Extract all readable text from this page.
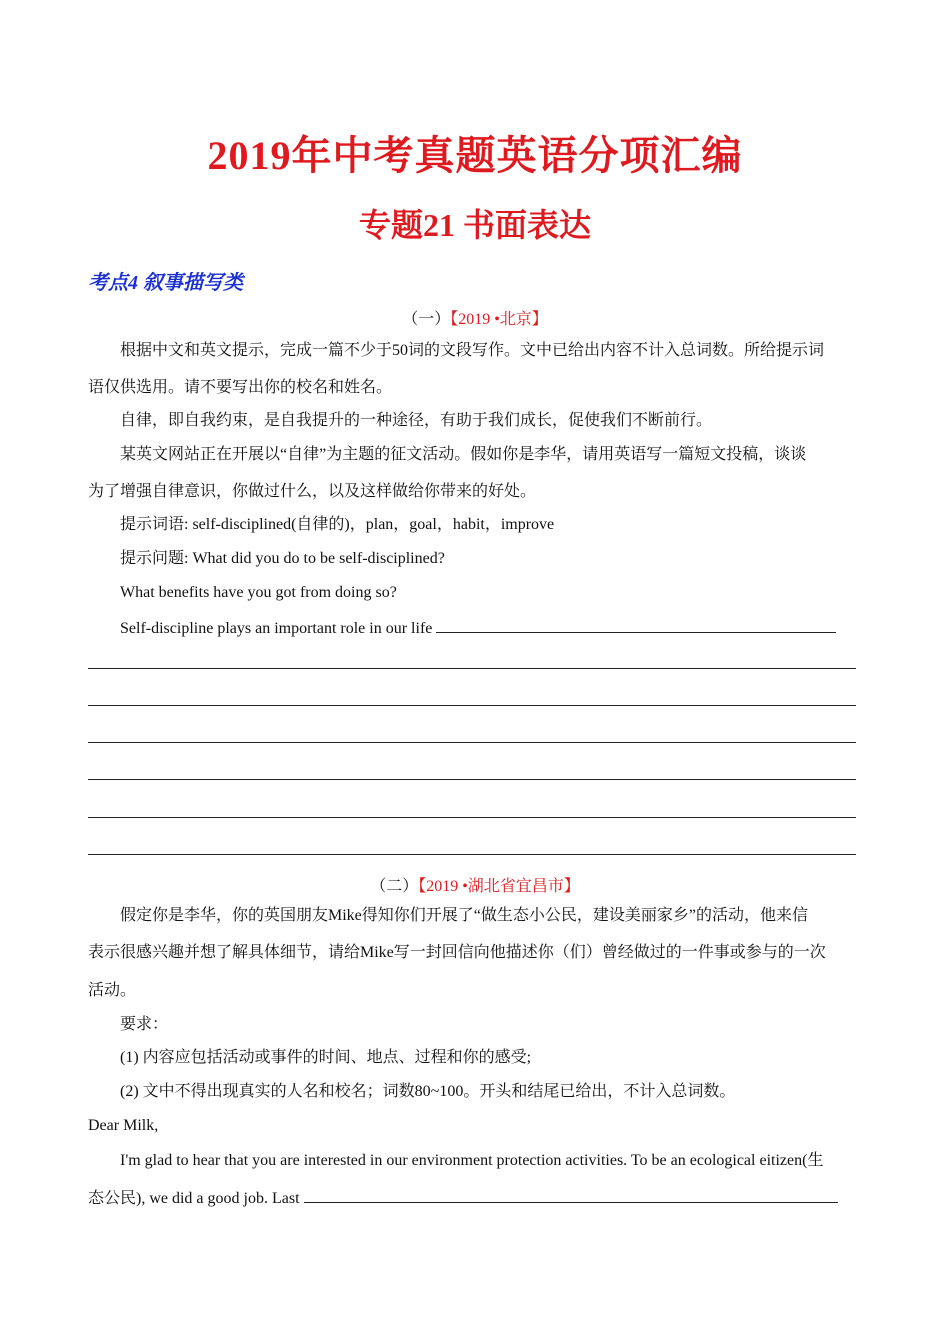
2019年中考真题英语分项汇编
专题21 书面表达
考点4 叙事描写类
（一）【2019 •北京】
根据中文和英文提示，完成一篇不少于50词的文段写作。文中已给出内容不计入总词数。所给提示词
语仅供选用。请不要写出你的校名和姓名。
自律，即自我约束，是自我提升的一种途径，有助于我们成长，促使我们不断前行。
某英文网站正在开展以“自律”为主题的征文活动。假如你是李华，请用英语写一篇短文投稿，谈谈
为了增强自律意识，你做过什么，以及这样做给你带来的好处。
提示词语: self-disciplined(自律的)，plan，goal，habit，improve
提示问题: What did you do to be self-disciplined?
What benefits have you got from doing so?
Self-discipline plays an important role in our life
（二）【2019 •湖北省宜昌市】
假定你是李华，你的英国朋友Mike得知你们开展了“做生态小公民，建设美丽家乡”的活动，他来信
表示很感兴趣并想了解具体细节，请给Mike写一封回信向他描述你（们）曾经做过的一件事或参与的一次
活动。
要求：
(1) 内容应包括活动或事件的时间、地点、过程和你的感受;
(2) 文中不得出现真实的人名和校名；词数80~100。开头和结尾已给出，不计入总词数。
Dear Milk,
I'm glad to hear that you are interested in our environment protection activities. To be an ecological eitizen(生
态公民), we did a good job. Last
